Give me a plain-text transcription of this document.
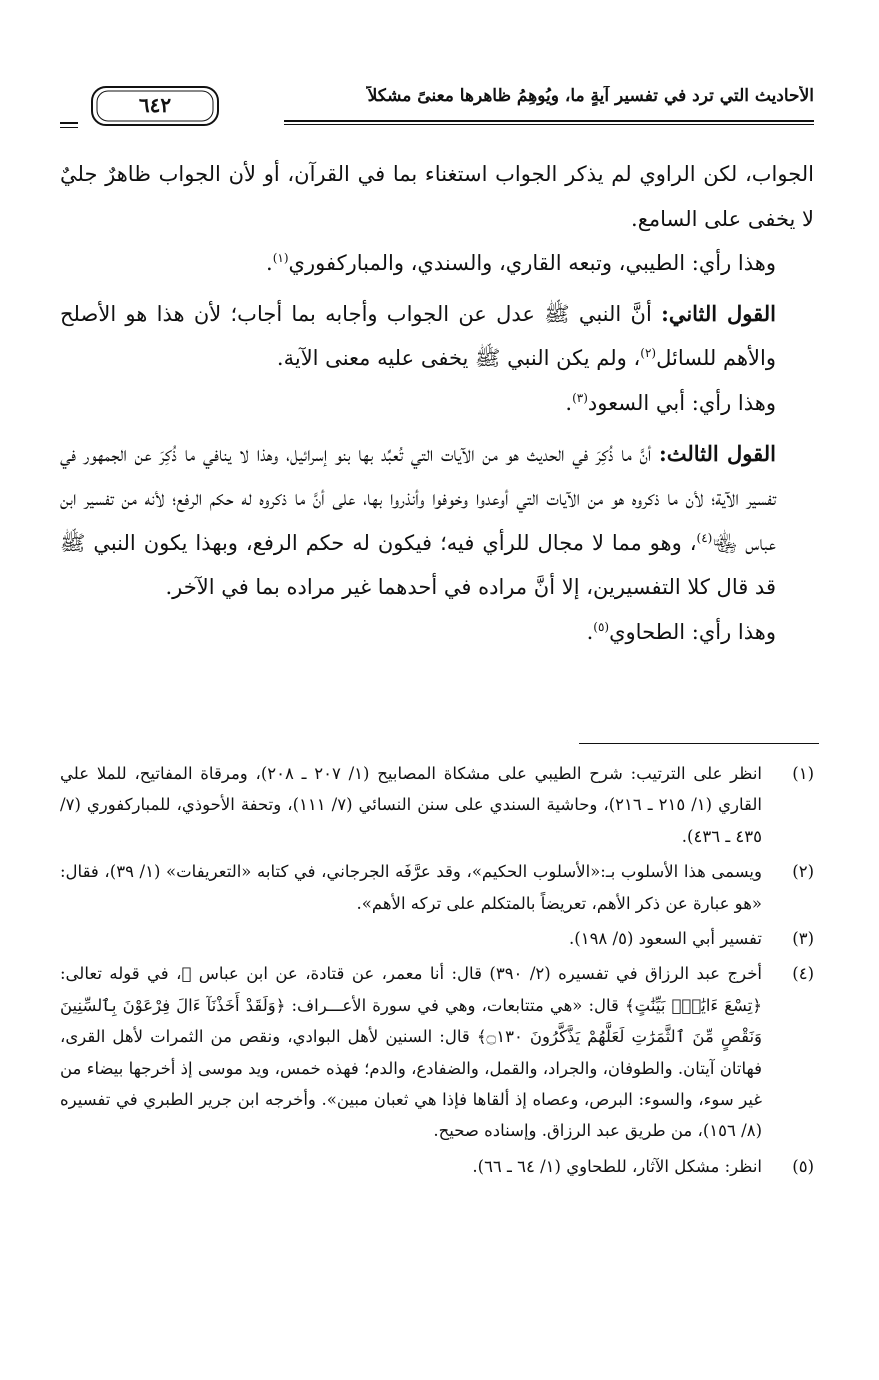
الأحاديث التي ترد في تفسير آيةٍ ما، ويُوهِمُ ظاهرها معنىً مشكلاً
٦٤٢

الجواب، لكن الراوي لم يذكر الجواب استغناء بما في القرآن، أو لأن الجواب ظاهرٌ جليٌ لا يخفى على السامع.

وهذا رأي: الطيبي، وتبعه القاري، والسندي، والمباركفوري$^{(١)}$.

القول الثاني: أنَّ النبي ﷺ عدل عن الجواب وأجابه بما أجاب؛ لأن هذا هو الأصلح والأهم للسائل$^{(٢)}$، ولم يكن النبي ﷺ يخفى عليه معنى الآية.

وهذا رأي: أبي السعود$^{(٣)}$.

القول الثالث: أنَّ ما ذُكِرَ في الحديث هو من الآيات التي تُعبِّد بها بنو إسرائيل، وهذا لا ينافي ما ذُكِرَ عن الجمهور في تفسير الآية؛ لأن ما ذكروه هو من الآيات التي أوعدوا وخوفوا وأنذروا بها، على أنَّ ما ذكروه له حكم الرفع؛ لأنه من تفسير ابن عباس ﵄$^{(٤)}$، وهو مما لا مجال للرأي فيه؛ فيكون له حكم الرفع، وبهذا يكون النبي ﷺ قد قال كلا التفسيرين، إلا أنَّ مراده في أحدهما غير مراده بما في الآخر.

وهذا رأي: الطحاوي$^{(٥)}$.

(١)
انظر على الترتيب: شرح الطيبي على مشكاة المصابيح (١/ ٢٠٧ ـ ٢٠٨)، ومرقاة المفاتيح، للملا علي القاري (١/ ٢١٥ ـ ٢١٦)، وحاشية السندي على سنن النسائي (٧/ ١١١)، وتحفة الأحوذي، للمباركفوري (٧/ ٤٣٥ ـ ٤٣٦).
(٢)
ويسمى هذا الأسلوب بـ:«الأسلوب الحكيم»، وقد عرَّفَه الجرجاني، في كتابه «التعريفات» (١/ ٣٩)، فقال: «هو عبارة عن ذكر الأهم، تعريضاً بالمتكلم على تركه الأهم».
(٣)
تفسير أبي السعود (٥/ ١٩٨).
(٤)
أخرج عبد الرزاق في تفسيره (٢/ ٣٩٠) قال: أنا معمر، عن قتادة، عن ابن عباس ﵄، في قوله تعالى: ﴿تِسْعَ ءَايَٰتٍۭ بَيِّنَٰتٍ﴾ قال: «هي متتابعات، وهي في سورة الأعـــراف: ﴿وَلَقَدْ أَخَذْنَآ ءَالَ فِرْعَوْنَ بِٱلسِّنِينَ وَنَقْصٍ مِّنَ ٱلثَّمَرَٰتِ لَعَلَّهُمْ يَذَّكَّرُونَ ۝١٣٠﴾ قال: السنين لأهل البوادي، ونقص من الثمرات لأهل القرى، فهاتان آيتان. والطوفان، والجراد، والقمل، والضفادع، والدم؛ فهذه خمس، ويد موسى إذ أخرجها بيضاء من غير سوء، والسوء: البرص، وعصاه إذ ألقاها فإذا هي ثعبان مبين». وأخرجه ابن جرير الطبري في تفسيره (٨/ ١٥٦)، من طريق عبد الرزاق. وإسناده صحيح.
(٥)
انظر: مشكل الآثار، للطحاوي (١/ ٦٤ ـ ٦٦).
